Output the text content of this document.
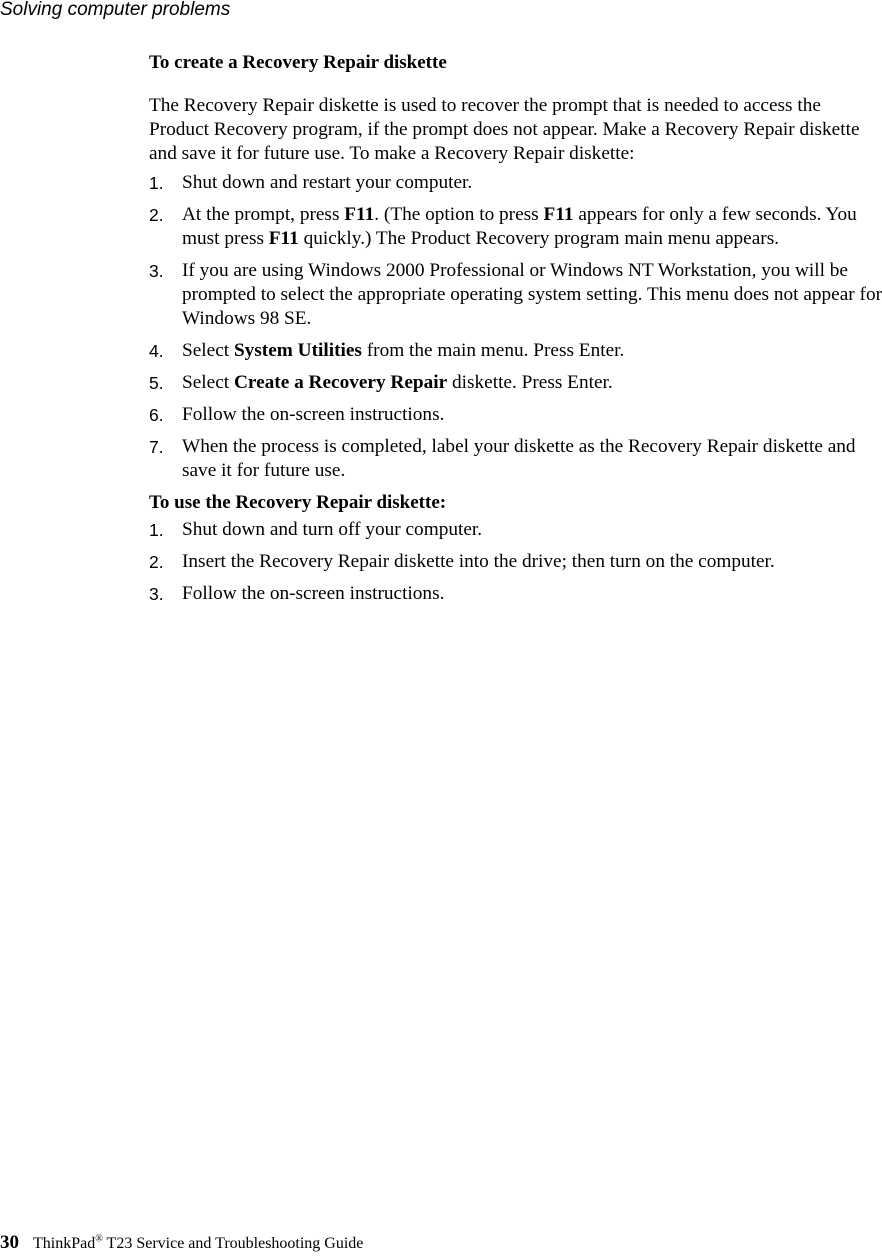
Solving computer problems
To create a Recovery Repair diskette

The Recovery Repair diskette is used to recover the prompt that is needed to access the Product Recovery program, if the prompt does not appear. Make a Recovery Repair diskette and save it for future use. To make a Recovery Repair diskette:

1. Shut down and restart your computer.
2. At the prompt, press F11. (The option to press F11 appears for only a few seconds. You must press F11 quickly.) The Product Recovery program main menu appears.
3. If you are using Windows 2000 Professional or Windows NT Workstation, you will be prompted to select the appropriate operating system setting. This menu does not appear for Windows 98 SE.
4. Select System Utilities from the main menu. Press Enter.
5. Select Create a Recovery Repair diskette. Press Enter.
6. Follow the on-screen instructions.
7. When the process is completed, label your diskette as the Recovery Repair diskette and save it for future use.
To use the Recovery Repair diskette:
1. Shut down and turn off your computer.
2. Insert the Recovery Repair diskette into the drive; then turn on the computer.
3. Follow the on-screen instructions.
30 ThinkPad® T23 Service and Troubleshooting Guide
